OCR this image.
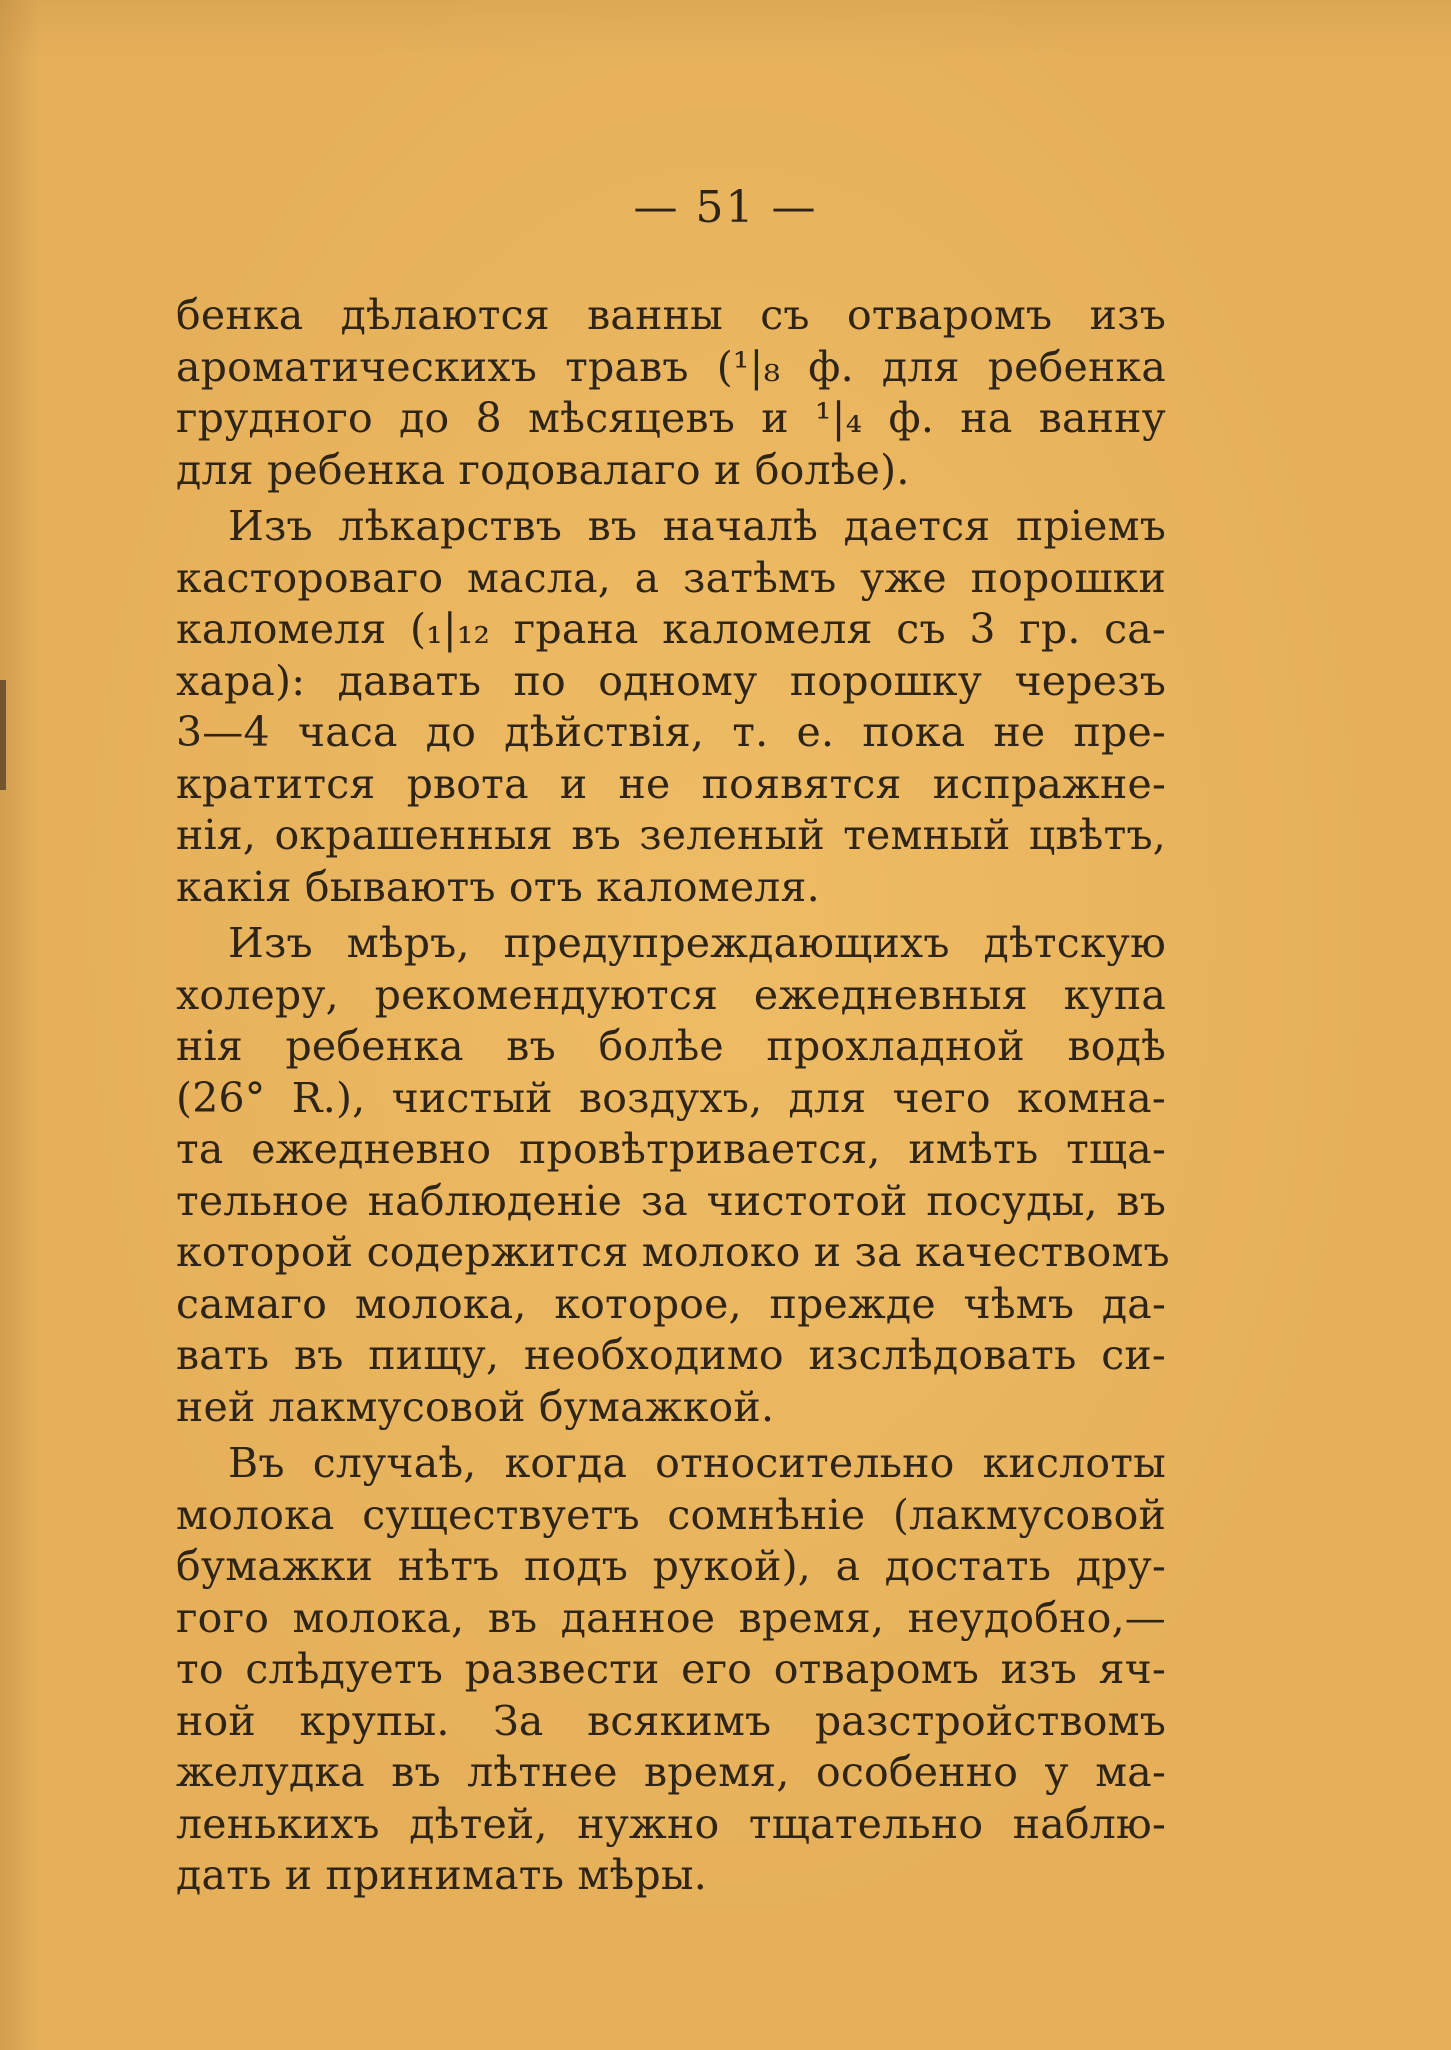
— 51 —
бенка дѣлаются ванны съ отваромъ изъ
ароматическихъ травъ (¹|₈ ф. для ребенка
грудного до 8 мѣсяцевъ и ¹|₄ ф. на ванну
для ребенка годовалаго и болѣе).
Изъ лѣкарствъ въ началѣ дается пріемъ
касторовaго масла, а затѣмъ уже порошки
каломеля (₁|₁₂ грана каломеля съ 3 гр. са-
хара): давать по одному порошку черезъ
3—4 часа до дѣйствія, т. е. пока не пре-
кратится рвота и не появятся испражне-
нія, окрашенныя въ зеленый темный цвѣтъ,
какія бываютъ отъ каломеля.
Изъ мѣръ, предупреждающихъ дѣтскую
холеру, рекомендуются ежедневныя купа
нія ребенка въ болѣе прохладной водѣ
(26° R.), чистый воздухъ, для чего комна-
та ежедневно провѣтривается, имѣть тща-
тельное наблюденіе за чистотой посуды, въ
которой содержится молоко и за качествомъ
самаго молока, которое, прежде чѣмъ да-
вать въ пищу, необходимо изслѣдовать си-
ней лакмусовой бумажкой.
Въ случаѣ, когда относительно кислоты
молока существуетъ сомнѣніе (лакмусовой
бумажки нѣтъ подъ рукой), а достать дру-
гого молока, въ данное время, неудобно,—
то слѣдуетъ развести его отваромъ изъ яч-
ной крупы. За всякимъ разстройствомъ
желудка въ лѣтнее время, особенно у ма-
ленькихъ дѣтей, нужно тщательно наблю-
дать и принимать мѣры.
